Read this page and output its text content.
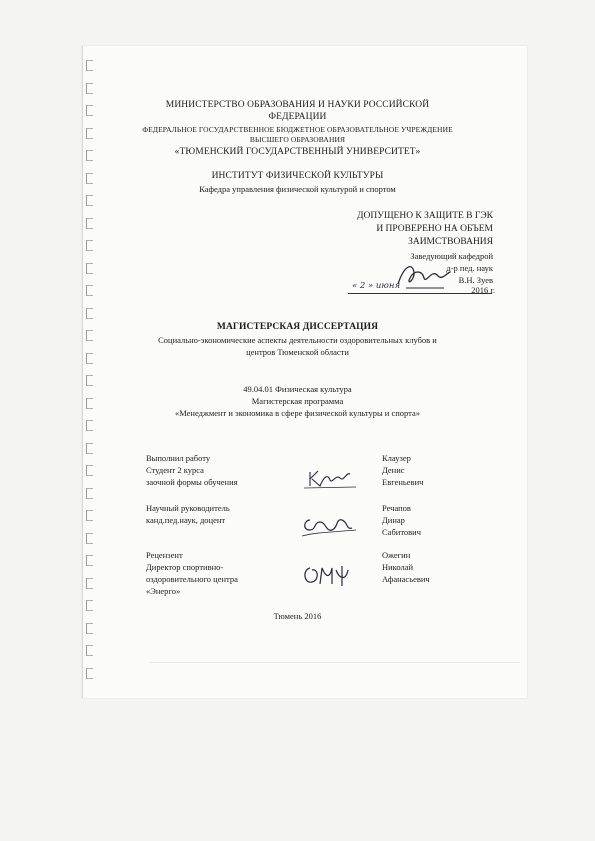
МИНИСТЕРСТВО ОБРАЗОВАНИЯ И НАУКИ РОССИЙСКОЙ
ФЕДЕРАЦИИ
ФЕДЕРАЛЬНОЕ ГОСУДАРСТВЕННОЕ БЮДЖЕТНОЕ ОБРАЗОВАТЕЛЬНОЕ УЧРЕЖДЕНИЕ
ВЫСШЕГО ОБРАЗОВАНИЯ
«ТЮМЕНСКИЙ ГОСУДАРСТВЕННЫЙ УНИВЕРСИТЕТ»
ИНСТИТУТ ФИЗИЧЕСКОЙ КУЛЬТУРЫ
Кафедра управления физической культурой и спортом
ДОПУЩЕНО К ЗАЩИТЕ В ГЭК
И ПРОВЕРЕНО НА ОБЪЕМ
ЗАИМСТВОВАНИЯ
Заведующий кафедрой
д-р пед. наук
В.Н. Зуев
« 2 » июня	2016 г.
МАГИСТЕРСКАЯ ДИССЕРТАЦИЯ
Социально-экономические аспекты деятельности оздоровительных клубов и
центров Тюменской области
49.04.01 Физическая культура
Магистерская программа
«Менеджмент и экономика в сфере физической культуры и спорта»
Выполнил работу
Студент 2 курса
заочной формы обучения
Клаузер
Денис
Евгеньевич
Научный руководитель
канд.пед.наук, доцент
Речапов
Динар
Сабитович
Рецензент
Директор спортивно-
оздоровительного центра
«Энерго»
Ожегин
Николай
Афанасьевич
Тюмень 2016
